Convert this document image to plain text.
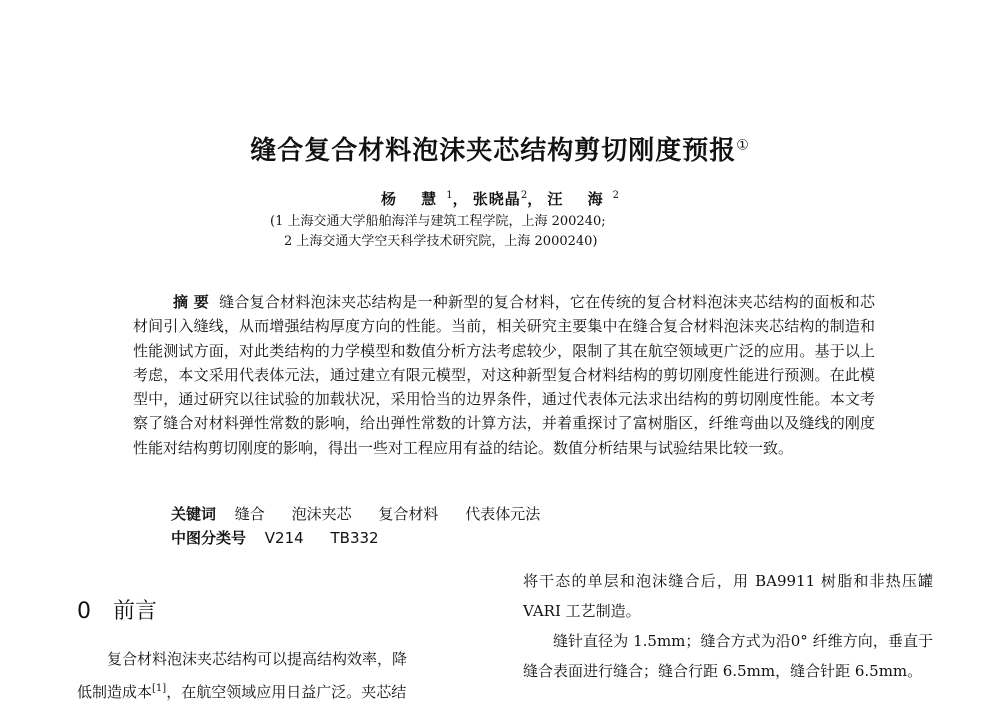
缝合复合材料泡沫夹芯结构剪切刚度预报①
杨 慧$^1$， 张晓晶$^2$， 汪 海$^2$
(1 上海交通大学船舶海洋与建筑工程学院，上海 200240;
2 上海交通大学空天科学技术研究院，上海 2000240)
摘 要 缝合复合材料泡沫夹芯结构是一种新型的复合材料，它在传统的复合材料泡沫夹芯结构的面板和芯材间引入缝线，从而增强结构厚度方向的性能。当前，相关研究主要集中在缝合复合材料泡沫夹芯结构的制造和性能测试方面，对此类结构的力学模型和数值分析方法考虑较少，限制了其在航空领域更广泛的应用。基于以上考虑，本文采用代表体元法，通过建立有限元模型，对这种新型复合材料结构的剪切刚度性能进行预测。在此模型中，通过研究以往试验的加载状况，采用恰当的边界条件，通过代表体元法求出结构的剪切刚度性能。本文考察了缝合对材料弹性常数的影响，给出弹性常数的计算方法，并着重探讨了富树脂区，纤维弯曲以及缝线的刚度性能对结构剪切刚度的影响，得出一些对工程应用有益的结论。数值分析结果与试验结果比较一致。
关键词 缝合 泡沫夹芯 复合材料 代表体元法
中图分类号 V214 TB332
0 前言
复合材料泡沫夹芯结构可以提高结构效率，降
低制造成本[1]，在航空领域应用日益广泛。夹芯结
将干态的单层和泡沫缝合后，用 BA9911 树脂和非热压罐 VARI 工艺制造。
缝针直径为 1.5mm；缝合方式为沿0° 纤维方向，垂直于缝合表面进行缝合；缝合行距 6.5mm，缝合针距 6.5mm。
